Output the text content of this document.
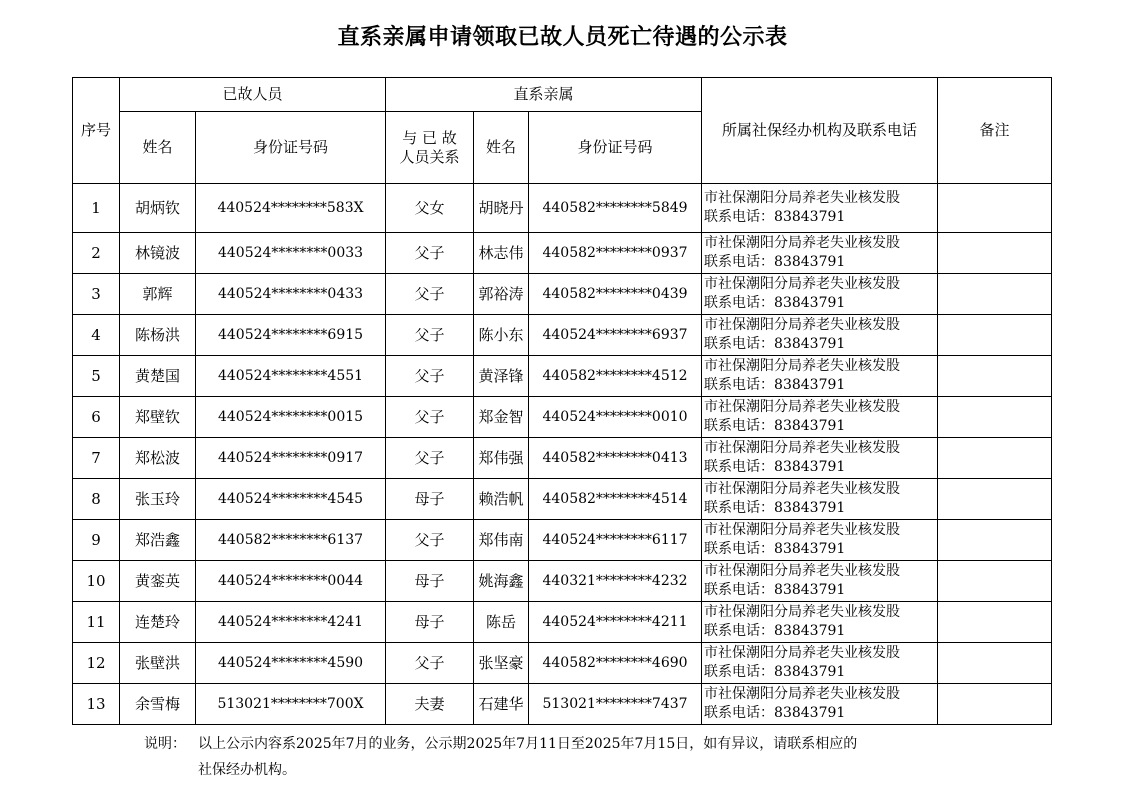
直系亲属申请领取已故人员死亡待遇的公示表
序号	已故人员		直系亲属			所属社保经办机构及联系电话	备注
	姓名	身份证号码	与 已 故
人员关系	姓名	身份证号码		
1	胡炳钦	440524********583X	父女	胡晓丹	440582********5849	市社保潮阳分局养老失业核发股
联系电话：83843791	

2	林镜波	440524********0033	父子	林志伟	440582********0937	市社保潮阳分局养老失业核发股
联系电话：83843791	

3	郭辉	440524********0433	父子	郭裕涛	440582********0439	市社保潮阳分局养老失业核发股
联系电话：83843791	

4	陈杨洪	440524********6915	父子	陈小东	440524********6937	市社保潮阳分局养老失业核发股
联系电话：83843791	

5	黄楚国	440524********4551	父子	黄泽锋	440582********4512	市社保潮阳分局养老失业核发股
联系电话：83843791	

6	郑壁钦	440524********0015	父子	郑金智	440524********0010	市社保潮阳分局养老失业核发股
联系电话：83843791	

7	郑松波	440524********0917	父子	郑伟强	440582********0413	市社保潮阳分局养老失业核发股
联系电话：83843791	

8	张玉玲	440524********4545	母子	赖浩帆	440582********4514	市社保潮阳分局养老失业核发股
联系电话：83843791	

9	郑浩鑫	440582********6137	父子	郑伟南	440524********6117	市社保潮阳分局养老失业核发股
联系电话：83843791	

10	黄銮英	440524********0044	母子	姚海鑫	440321********4232	市社保潮阳分局养老失业核发股
联系电话：83843791	

11	连楚玲	440524********4241	母子	陈岳	440524********4211	市社保潮阳分局养老失业核发股
联系电话：83843791	

12	张壁洪	440524********4590	父子	张坚豪	440582********4690	市社保潮阳分局养老失业核发股
联系电话：83843791	

13	余雪梅	513021********700X	夫妻	石建华	513021********7437	市社保潮阳分局养老失业核发股
联系电话：83843791	

说明： 以上公示内容系2025年7月的业务，公示期2025年7月11日至2025年7月15日，如有异议，请联系相应的
社保经办机构。
